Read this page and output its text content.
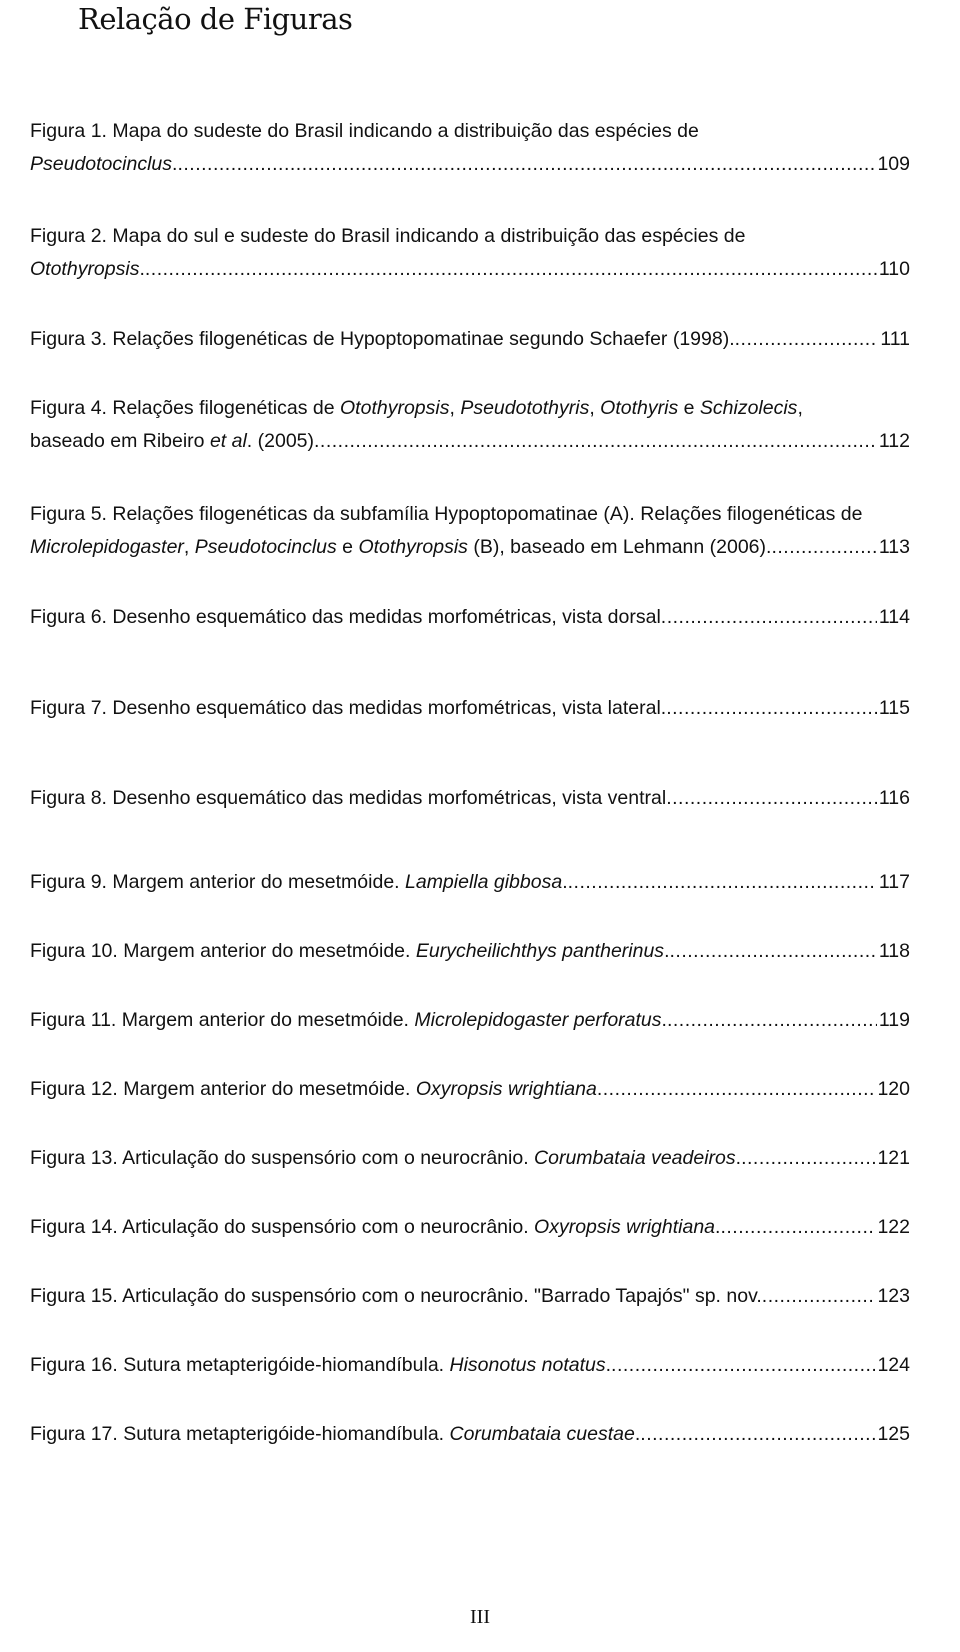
Relação de Figuras
Figura 1. Mapa do sudeste do Brasil indicando a distribuição das espécies de
Pseudotocinclus. .....	109
Figura 2. Mapa do sul e sudeste do Brasil indicando a distribuição das espécies de
Otothyropsis. .....	110
Figura 3. Relações filogenéticas de Hypoptopomatinae segundo Schaefer (1998). .....	111
Figura 4. Relações filogenéticas de Otothyropsis, Pseudotothyris, Otothyris e Schizolecis,
baseado em Ribeiro et al. (2005) .....	112
Figura 5. Relações filogenéticas da subfamília Hypoptopomatinae (A). Relações filogenéticas de
Microlepidogaster, Pseudotocinclus e Otothyropsis (B), baseado em Lehmann (2006). .....	113
Figura 6. Desenho esquemático das medidas morfométricas, vista dorsal .....	114
Figura 7. Desenho esquemático das medidas morfométricas, vista lateral. .....	115
Figura 8. Desenho esquemático das medidas morfométricas, vista ventral .....	116
Figura 9. Margem anterior do mesetmóide. Lampiella gibbosa. .....	117
Figura 10. Margem anterior do mesetmóide. Eurycheilichthys pantherinus. .....	118
Figura 11. Margem anterior do mesetmóide. Microlepidogaster perforatus. .....	119
Figura 12. Margem anterior do mesetmóide. Oxyropsis wrightiana .....	120
Figura 13. Articulação do suspensório com o neurocrânio. Corumbataia veadeiros. .....	121
Figura 14. Articulação do suspensório com o neurocrânio. Oxyropsis wrightiana. .....	122
Figura 15. Articulação do suspensório com o neurocrânio. "Barrado Tapajós" sp. nov. .....	123
Figura 16. Sutura metapterigóide-hiomandíbula. Hisonotus notatus. .....	124
Figura 17. Sutura metapterigóide-hiomandíbula. Corumbataia cuestae. .....	125
III
